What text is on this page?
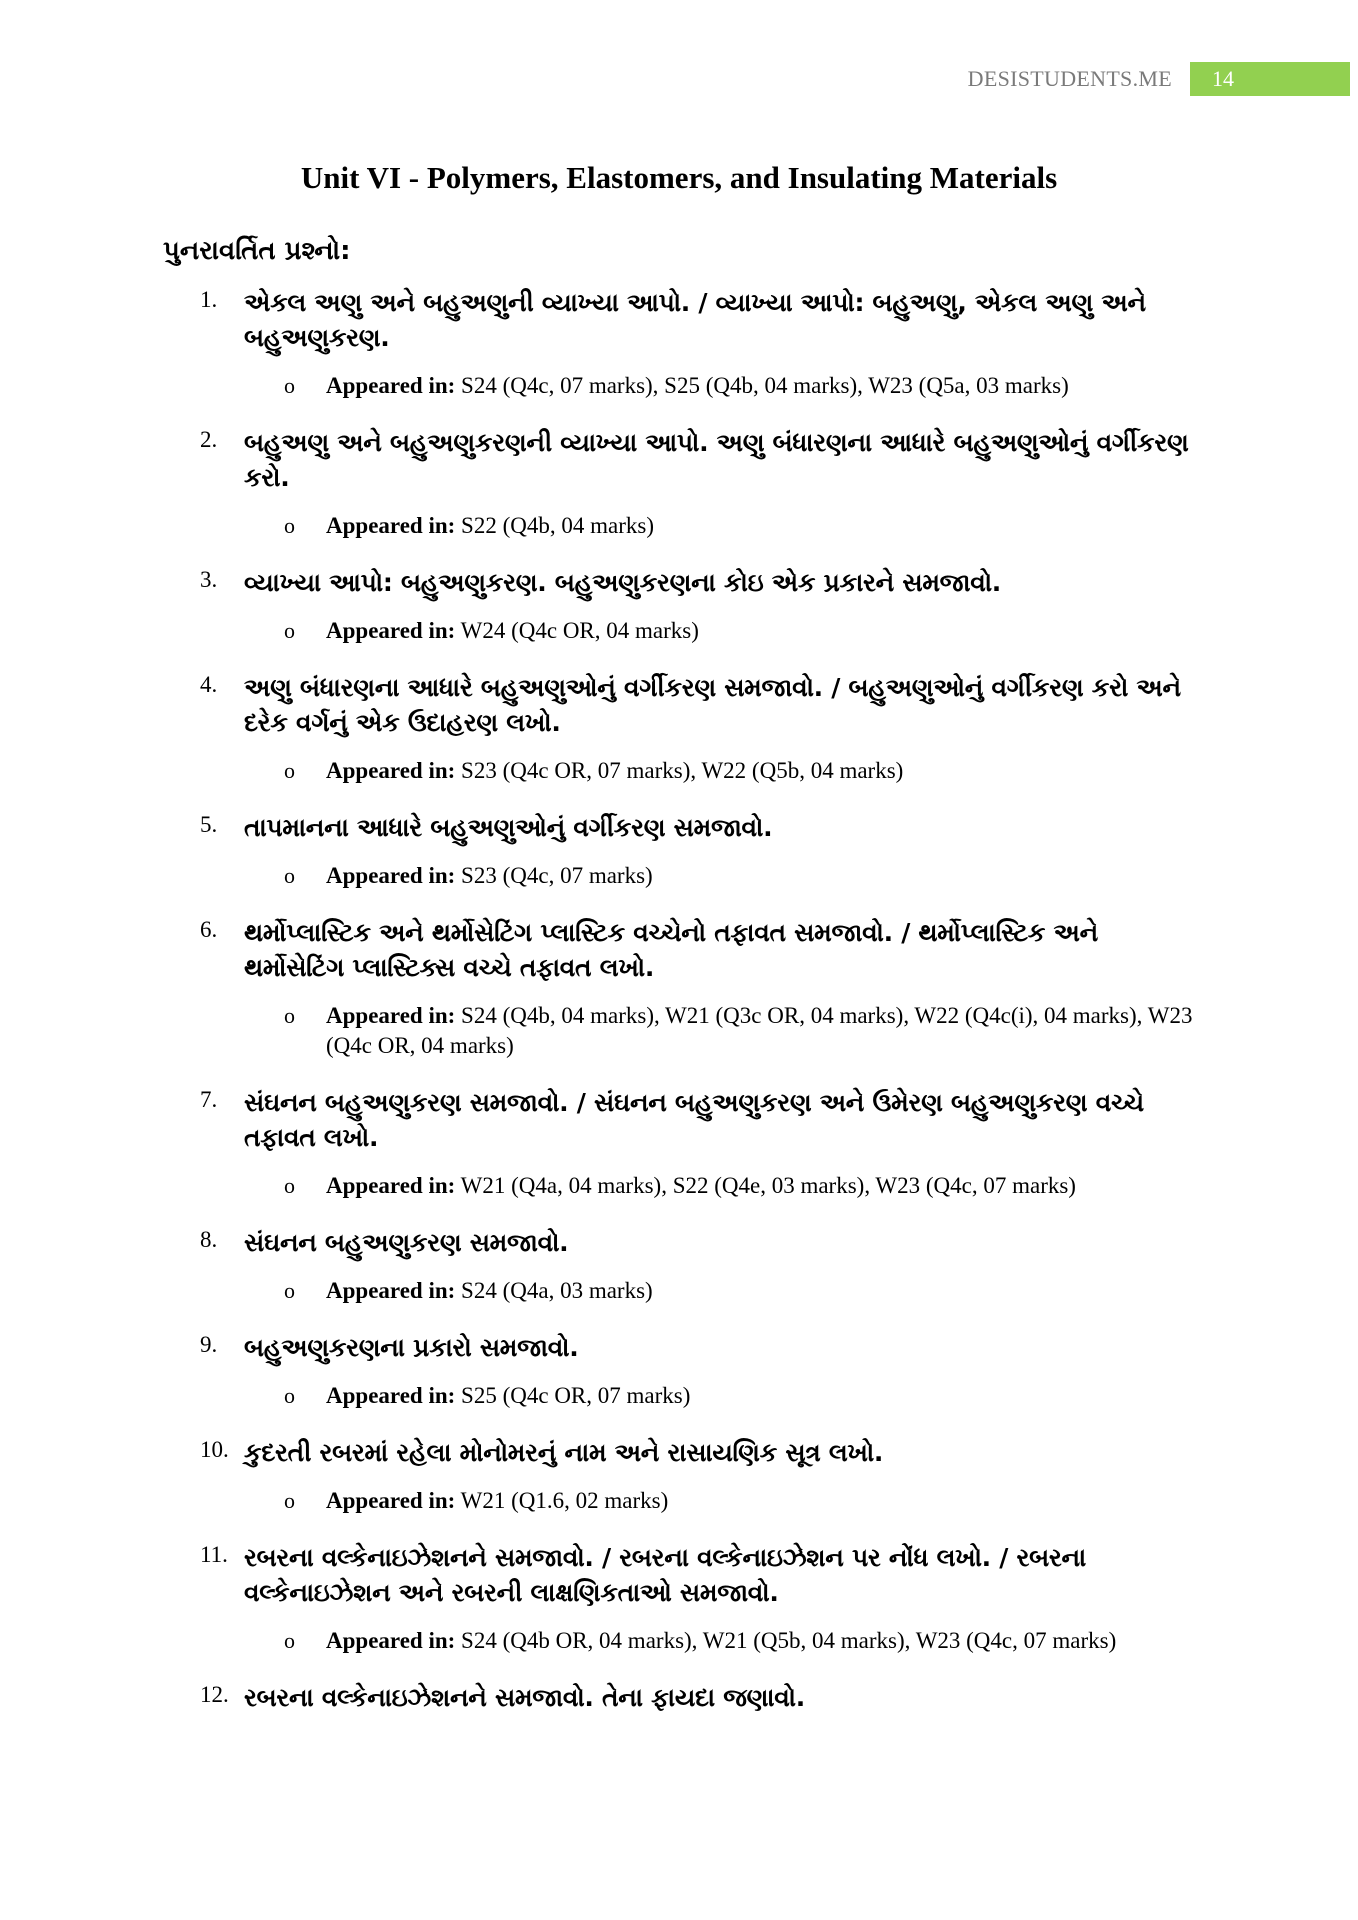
DESISTUDENTS.ME	14
Unit VI - Polymers, Elastomers, and Insulating Materials
પુનરાવર્તિત પ્રશ્નો:
1. એકલ અણુ અને બહુઅણુની વ્યાખ્યા આપો. / વ્યાખ્યા આપો: બહુઅણુ, એકલ અણુ અને બહુઅણુકરણ.
o Appeared in: S24 (Q4c, 07 marks), S25 (Q4b, 04 marks), W23 (Q5a, 03 marks)
2. બહુઅણુ અને બહુઅણુકરણની વ્યાખ્યા આપો. અણુ બંધારણના આધારે બહુઅણુઓનું વર્ગીકરણ કરો.
o Appeared in: S22 (Q4b, 04 marks)
3. વ્યાખ્યા આપો: બહુઅણુકરણ. બહુઅણુકરણના કોઇ એક પ્રકારને સમજાવો.
o Appeared in: W24 (Q4c OR, 04 marks)
4. અણુ બંધારણના આધારે બહુઅણુઓનું વર્ગીકરણ સમજાવો. / બહુઅણુઓનું વર્ગીકરણ કરો અને દરેક વર્ગનું એક ઉદાહરણ લખો.
o Appeared in: S23 (Q4c OR, 07 marks), W22 (Q5b, 04 marks)
5. તાપમાનના આધારે બહુઅણુઓનું વર્ગીકરણ સમજાવો.
o Appeared in: S23 (Q4c, 07 marks)
6. થર્મોપ્લાસ્ટિક અને થર્મોસેટિંગ પ્લાસ્ટિક વચ્ચેનો તફાવત સમજાવો. / થર્મોપ્લાસ્ટિક અને થર્મોસેટિંગ પ્લાસ્ટિક્સ વચ્ચે તફાવત લખો.
o Appeared in: S24 (Q4b, 04 marks), W21 (Q3c OR, 04 marks), W22 (Q4c(i), 04 marks), W23 (Q4c OR, 04 marks)
7. સંઘનન બહુઅણુકરણ સમજાવો. / સંઘનન બહુઅણુકરણ અને ઉમેરણ બહુઅણુકરણ વચ્ચે તફાવત લખો.
o Appeared in: W21 (Q4a, 04 marks), S22 (Q4e, 03 marks), W23 (Q4c, 07 marks)
8. સંઘનન બહુઅણુકરણ સમજાવો.
o Appeared in: S24 (Q4a, 03 marks)
9. બહુઅણુકરણના પ્રકારો સમજાવો.
o Appeared in: S25 (Q4c OR, 07 marks)
10. કુદરતી રબરમાં રહેલા મોનોમરનું નામ અને રાસાયણિક સૂત્ર લખો.
o Appeared in: W21 (Q1.6, 02 marks)
11. રબરના વલ્કેનાઇઝેશનને સમજાવો. / રબરના વલ્કેનાઇઝેશન પર નોંધ લખો. / રબરના વલ્કેનાઇઝેશન અને રબરની લાક્ષણિકતાઓ સમજાવો.
o Appeared in: S24 (Q4b OR, 04 marks), W21 (Q5b, 04 marks), W23 (Q4c, 07 marks)
12. રબરના વલ્કેનાઇઝેશનને સમજાવો. તેના ફાયદા જણાવો.
